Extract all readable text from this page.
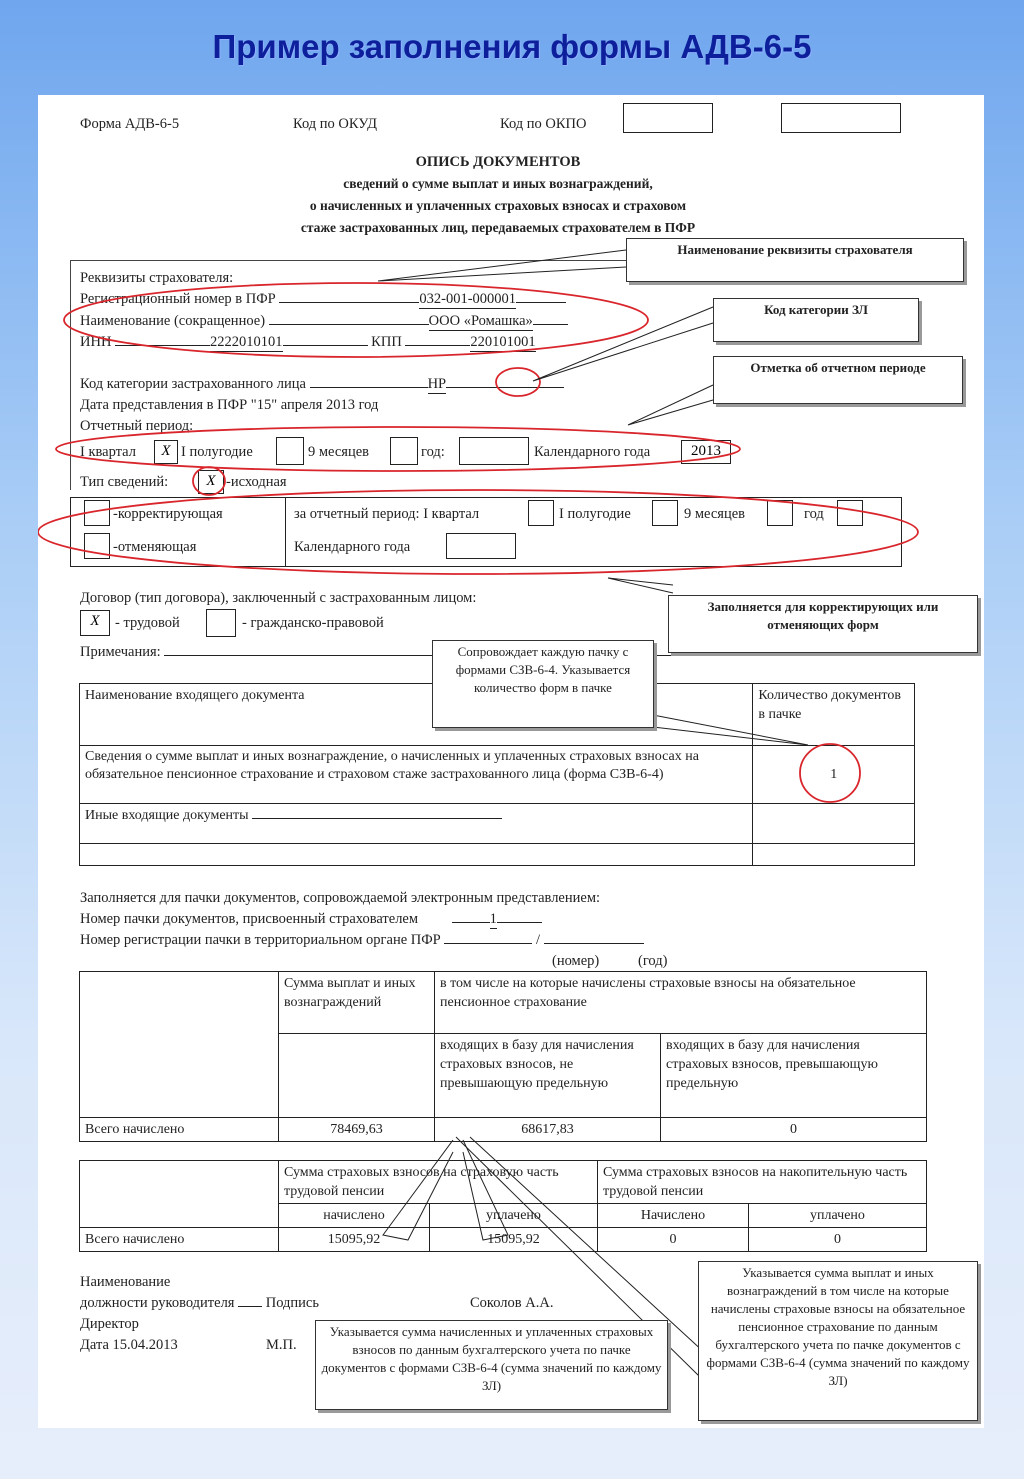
Пример заполнения формы АДВ-6-5
Форма АДВ-6-5	Код по ОКУД	Код по ОКПО
ОПИСЬ ДОКУМЕНТОВ
сведений о сумме выплат и иных вознаграждений,
о начисленных и уплаченных страховых взносах и страховом
стаже застрахованных лиц, передаваемых страхователем в ПФР
Реквизиты страхователя:
Регистрационный номер в ПФР	032-001-000001
Наименование (сокращенное)	ООО «Ромашка»
ИНН	2222010101	КПП	220101001
Код категории застрахованного лица	НР
Дата представления в ПФР "15" апреля 2013 год
Отчетный период:
I квартал	X I полугодие	9 месяцев	год:	Календарного года	2013
Тип сведений:	X -исходная
-корректирующая
-отменяющая
за отчетный период: I квартал	I полугодие	9 месяцев	год
Календарного года
Договор (тип договора), заключенный с застрахованным лицом:
X	- трудовой	- гражданско-правовой
Примечания:
Наименование входящего документа	Количество документов в пачке
Сведения о сумме выплат и иных вознаграждение, о начисленных и уплаченных страховых взносах на обязательное пенсионное страхование и страховом стаже застрахованного лица (форма СЗВ-6-4)	1
Иные входящие документы	

Заполняется для пачки документов, сопровождаемой электронным представлением:
Номер пачки документов, присвоенный страхователем	1
Номер регистрации пачки в территориальном органе ПФР	/
(номер)	(год)
	Сумма выплат и иных вознаграждений	в том числе на которые начислены страховые взносы на обязательное пенсионное страхование	
		входящих в базу для начисления страховых взносов, не превышающую предельную	входящих в базу для начисления страховых взносов, превышающую предельную
Всего начислено	78469,63	68617,83	0
	Сумма страховых взносов на страховую часть трудовой пенсии		Сумма страховых взносов на накопительную часть трудовой пенсии	
	начислено	уплачено	Начислено	уплачено
Всего начислено	15095,92	15095,92	0	0
Наименование
должности руководителя Подпись	Соколов А.А.
Директор
Дата 15.04.2013	М.П.
Наименование реквизиты страхователя
Код категории ЗЛ
Отметка об отчетном периоде
Заполняется для корректирующих или отменяющих форм
Сопровождает каждую пачку с формами СЗВ-6-4. Указывается количество форм в пачке
Указывается сумма начисленных и уплаченных страховых взносов по данным бухгалтерского учета по пачке документов с формами СЗВ-6-4 (сумма значений по каждому ЗЛ)
Указывается сумма выплат и иных вознаграждений в том числе на которые начислены страховые взносы на обязательное пенсионное страхование по данным бухгалтерского учета по пачке документов с формами СЗВ-6-4 (сумма значений по каждому ЗЛ)
